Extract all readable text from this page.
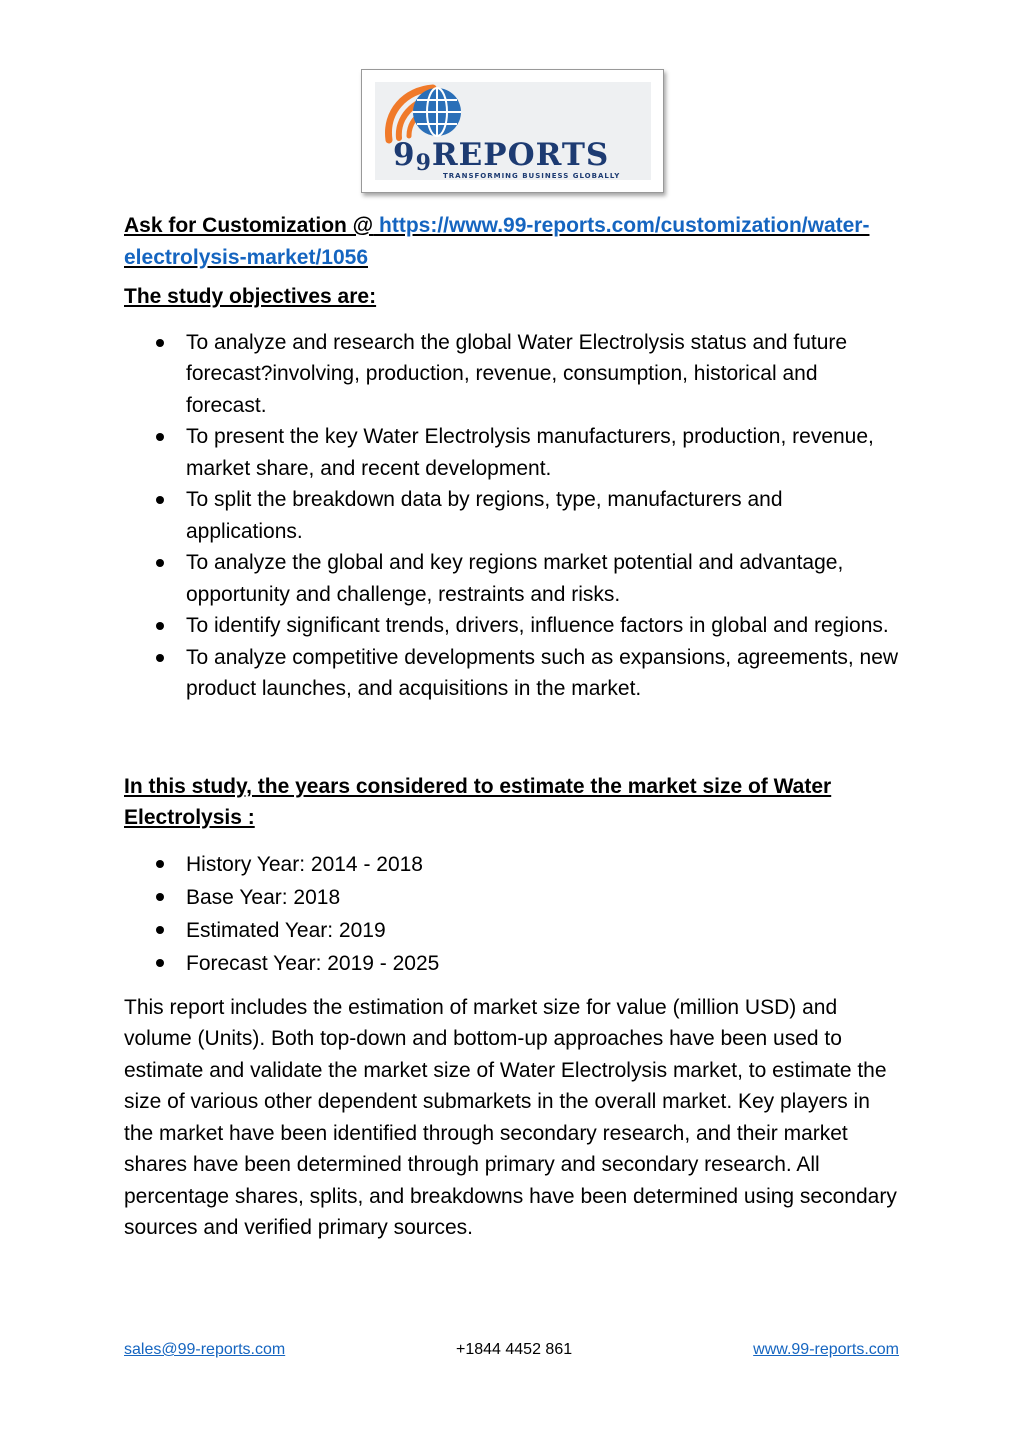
99REPORTS
TRANSFORMING BUSINESS GLOBALLY

Ask for Customization @ https://www.99-reports.com/customization/water-electrolysis-market/1056

The study objectives are:

To analyze and research the global Water Electrolysis status and future forecast?involving, production, revenue, consumption, historical and forecast.
To present the key Water Electrolysis manufacturers, production, revenue, market share, and recent development.
To split the breakdown data by regions, type, manufacturers and applications.
To analyze the global and key regions market potential and advantage, opportunity and challenge, restraints and risks.
To identify significant trends, drivers, influence factors in global and regions.
To analyze competitive developments such as expansions, agreements, new product launches, and acquisitions in the market.

In this study, the years considered to estimate the market size of Water Electrolysis :

History Year: 2014 - 2018
Base Year: 2018
Estimated Year: 2019
Forecast Year: 2019 - 2025

This report includes the estimation of market size for value (million USD) and volume (Units). Both top-down and bottom-up approaches have been used to estimate and validate the market size of Water Electrolysis market, to estimate the size of various other dependent submarkets in the overall market. Key players in the market have been identified through secondary research, and their market shares have been determined through primary and secondary research. All percentage shares, splits, and breakdowns have been determined using secondary sources and verified primary sources.

sales@99-reports.com	+1844 4452 861	www.99-reports.com
